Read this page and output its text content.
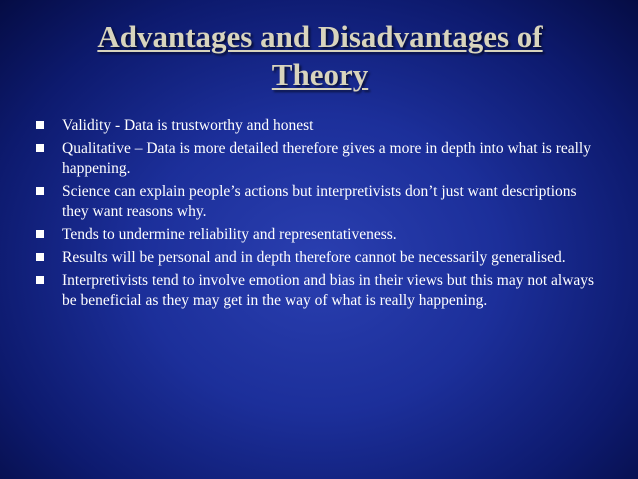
Advantages and Disadvantages of
Theory
Validity - Data is trustworthy and honest
Qualitative – Data is more detailed therefore gives a more in depth into what is really happening.
Science can explain people’s actions but interpretivists don’t just want descriptions they want reasons why.
Tends to undermine reliability and representativeness.
Results will be personal and in depth therefore cannot be necessarily generalised.
Interpretivists tend to involve emotion and bias in their views but this may not always be beneficial as they may get in the way of what is really happening.
